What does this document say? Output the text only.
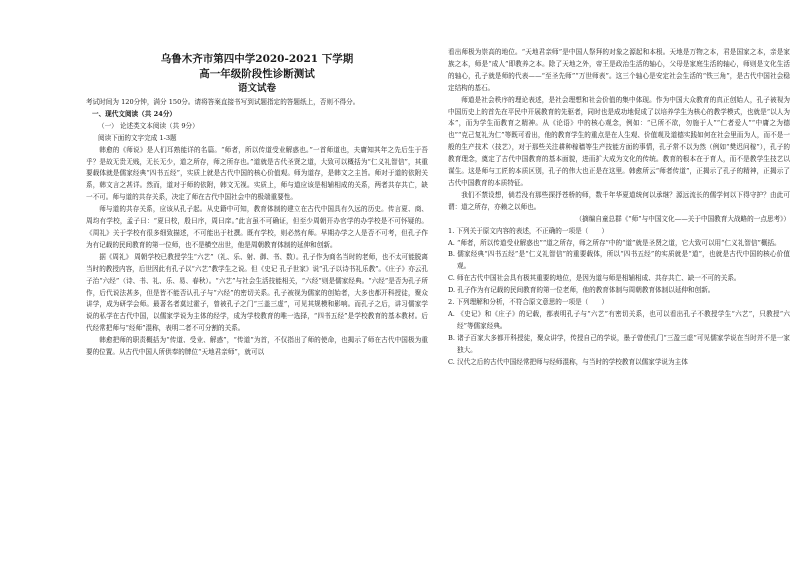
乌鲁木齐市第四中学2020-2021 下学期
高一年级阶段性诊断测试
语文试卷

考试时间为 120分钟，满分 150分。请将答案直接书写到试题指定的答题纸上，否则不得分。

一、现代文阅读（共 24分）

（一） 论述类文本阅读（共 9分）

阅读下面的文字完成 1-3题

韩愈的《师说》是人们耳熟能详的名篇。“师者，所以传道受业解惑也。”一首师道也，夫庸知其年之先后生于吾乎？是故无贵无贱，无长无少，道之所存，师之所存也。”道就是古代圣贤之道，大致可以概括为“仁义礼智信”，其重要载体就是儒家经典“四书五经”，实质上就是古代中国的核心价值观。师为道存，是韩文之主旨。师对于道的依附关系，韩文言之甚详。然而，道对于师的依附，韩文无视。实质上，师与道应该是相辅相成的关系，两者共存共亡，缺一不可。师与道的共存关系，决定了师在古代中国社会中的极端重要性。

师与道的共存关系，应该从孔子起。从史籍中可知，教育体制的建立在古代中国具有久远的历史。传言夏、商、周均有学校，孟子曰：“夏曰校，殷曰序，周曰庠。”此言虽不可确证，但至少周朝开办官学的办学校是不可怀疑的。《周礼》关于学校有很多细致描述，不可能出于杜撰。既有学校，则必然有师。早期办学之人是否不可考，但孔子作为有记载的民间教育的第一位师，也不是横空出世，他是周朝教育体制的延伸和创新。

据《周礼》 周朝学校已教授学生“六艺”（礼、乐、射、御、书、数）。孔子作为商名当时的老师，也不太可能脱离当时的教授内容，后世因此有孔子以“六艺”教学生之说。但《史记 孔子世家》说“孔子以诗书礼乐教”。《庄子》亦云孔子治“六经”（诗、书、礼、乐、易、春秋）。“六艺”与社会生活技能相关，“六经”则是儒家经典。“六经”是否为孔子所作，后代说法甚多，但是皆不能否认孔子与“六经”的密切关系。孔子被视为儒家的创始者，大多也都开科授徒，聚众讲学，成为研学会师。最著名者莫过霍子，曾被孔子之门“三盖三虚”，可见其规模和影响。而孔子之后，讲习儒家学说的私学在古代中国，以儒家学说为主体的经学，成为学校教育的唯一选择，“四书五经”是学校教育的基本教材。后代经常把师与“经师”混称，表明二者不可分割的关系。

韩愈把师的职责概括为“传道、受业、解惑”，“传道”为首，不仅指出了师的使命，也揭示了师在古代中国极为重要的位置。从古代中国人所供奉的牌位“天地君亲师”，就可以

看出师极为崇高的地位。“天地君亲师”是中国人祭拜的对象之源起和本根。天地是万物之本，君是国家之本，亲是家族之本，师是“成人”即教养之本。除了天地之外，帝王是政治生活的轴心，父母是家庭生活的轴心，师则是文化生活的轴心，孔子就是师的代表——“至圣先师”“万世师表”。这三个轴心是安定社会生活的“铁三角”，是古代中国社会稳定结构的基石。

师道是社会秩序的理论表述，是社会理想和社会价值的集中体现。作为中国大众教育的真正创始人，孔子被视为中国历史上的首先在平民中开展教育的先驱者，同时也是成功地促成了以培养学生为核心的教学模式，也就是“以人为本”，而为学生而教育之精神。从《论语》中的核心观念，例如：“已所不欲，勿施于人”“仁者爱人”“中庸之为德也”“克己复礼为仁”等既可看出，他的教育学生的重点是在人生观、价值观及道德实践如何在社会里而为人，而不是一般的生产技术（技艺），对于那些关注耕种稼穑等生产技能方面的事情，孔子常不以为然（例如“樊迟问稼”），孔子的教育理念，奠定了古代中国教育的基本面貌，进而扩大成为文化的传统。教育的根本在于育人，而不是教学生技艺以谋生。这是师与工匠的本质区别，孔子的伟大也正是在这里。韩愈所云“师者传道”，正揭示了孔子的精神，正揭示了古代中国教育的本质特征。

我们不禁设想，倘若没有那些探抒苍桥的师，数千年华夏道统何以承继？源远流长的儒学何以下得守护？由此可谓：道之所存，亦赖之以师也。

（摘编自童总群《“师”与中国文化——关于中国教育大战略的一点思考》）

1. 下列关于原文内容的表述，不正确的一项是（　　）

A. “师者，所以传道受业解惑也”“道之所存，师之所存”中的“道”就是圣贤之道，它大致可以用“仁义礼智信”概括。

B. 儒家经典“四书五经”是“仁义礼智信”的重要载体，所以“四书五经”的实质就是“道”，也就是古代中国的核心价值观。

C. 师在古代中国社会具有极其重要的地位，是因为道与师是相辅相成、共存共亡、缺一不可的关系。

D. 孔子作为有记载的民间教育的第一位老师，他的教育体制与周朝教育体制以延伸和创新。

2. 下列理解和分析，不符合原文意思的一项是（　　）

A. 《史记》和《庄子》的记载，都表明孔子与“六艺”有密切关系，也可以看出孔子不教授学生“六艺”，只教授“六经”等儒家经典。

B. 诸子百家大多都开科授徒，聚众讲学，传授自己的学说，墨子曾使孔门“三盈三虚”可见儒家学说在当时并不是一家独大。

C. 汉代之后的古代中国经常把师与经师混称，与当时的学校教育以儒家学说为主体
